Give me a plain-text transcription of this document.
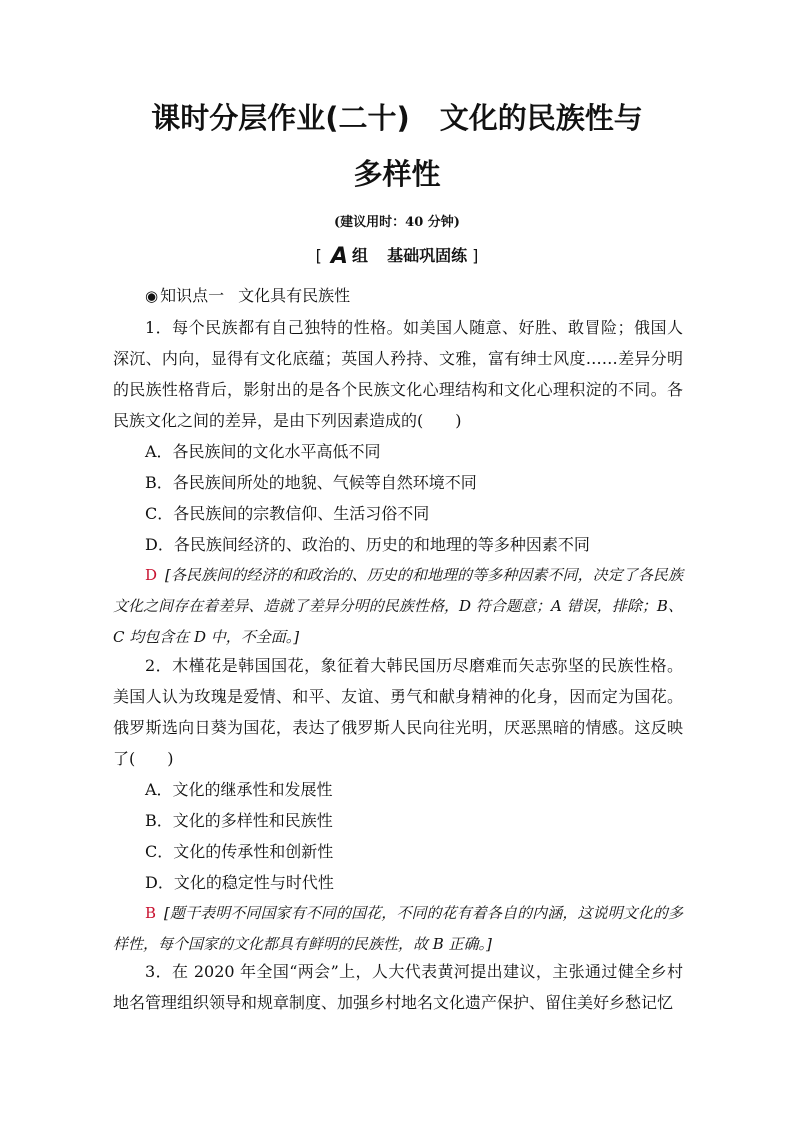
课时分层作业(二十) 文化的民族性与
多样性
(建议用时：40 分钟)
[ A 组 基础巩固练 ]
◉ 知识点一 文化具有民族性

1．每个民族都有自己独特的性格。如美国人随意、好胜、敢冒险；俄国人深沉、内向，显得有文化底蕴；英国人矜持、文雅，富有绅士风度……差异分明的民族性格背后，影射出的是各个民族文化心理结构和文化心理积淀的不同。各民族文化之间的差异，是由下列因素造成的(　　)

A．各民族间的文化水平高低不同

B．各民族间所处的地貌、气候等自然环境不同

C．各民族间的宗教信仰、生活习俗不同

D．各民族间经济的、政治的、历史的和地理的等多种因素不同

D [各民族间的经济的和政治的、历史的和地理的等多种因素不同，决定了各民族文化之间存在着差异、造就了差异分明的民族性格，D 符合题意；A 错误，排除；B、C 均包含在 D 中，不全面。]

2．木槿花是韩国国花，象征着大韩民国历尽磨难而矢志弥坚的民族性格。美国人认为玫瑰是爱情、和平、友谊、勇气和献身精神的化身，因而定为国花。俄罗斯选向日葵为国花，表达了俄罗斯人民向往光明，厌恶黑暗的情感。这反映了(　　)

A．文化的继承性和发展性

B．文化的多样性和民族性

C．文化的传承性和创新性

D．文化的稳定性与时代性

B [题干表明不同国家有不同的国花，不同的花有着各自的内涵，这说明文化的多样性，每个国家的文化都具有鲜明的民族性，故 B 正确。]

3．在 2020 年全国“两会”上，人大代表黄河提出建议，主张通过健全乡村地名管理组织领导和规章制度、加强乡村地名文化遗产保护、留住美好乡愁记忆
